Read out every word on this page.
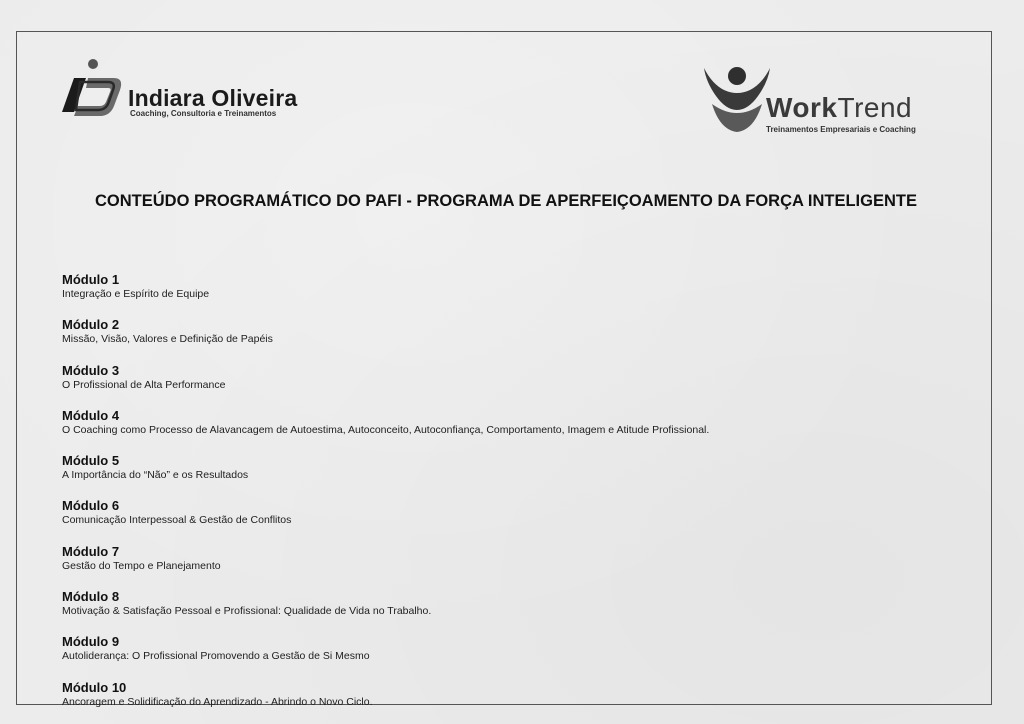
Indiara Oliveira
Coaching, Consultoria e Treinamentos	WorkTrend
Treinamentos Empresariais e Coaching
CONTEÚDO PROGRAMÁTICO DO PAFI - PROGRAMA DE APERFEIÇOAMENTO DA FORÇA INTELIGENTE
Módulo 1
Integração e Espírito de Equipe
Módulo 2
Missão, Visão, Valores e Definição de Papéis
Módulo 3
O Profissional de Alta Performance
Módulo 4
O Coaching como Processo de Alavancagem de Autoestima, Autoconceito, Autoconfiança, Comportamento, Imagem e Atitude Profissional.
Módulo 5
A Importância do “Não” e os Resultados
Módulo 6
Comunicação Interpessoal & Gestão de Conflitos
Módulo 7
Gestão do Tempo e Planejamento
Módulo 8
Motivação & Satisfação Pessoal e Profissional: Qualidade de Vida no Trabalho.
Módulo 9
Autoliderança: O Profissional Promovendo a Gestão de Si Mesmo
Módulo 10
Ancoragem e Solidificação do Aprendizado - Abrindo o Novo Ciclo.
